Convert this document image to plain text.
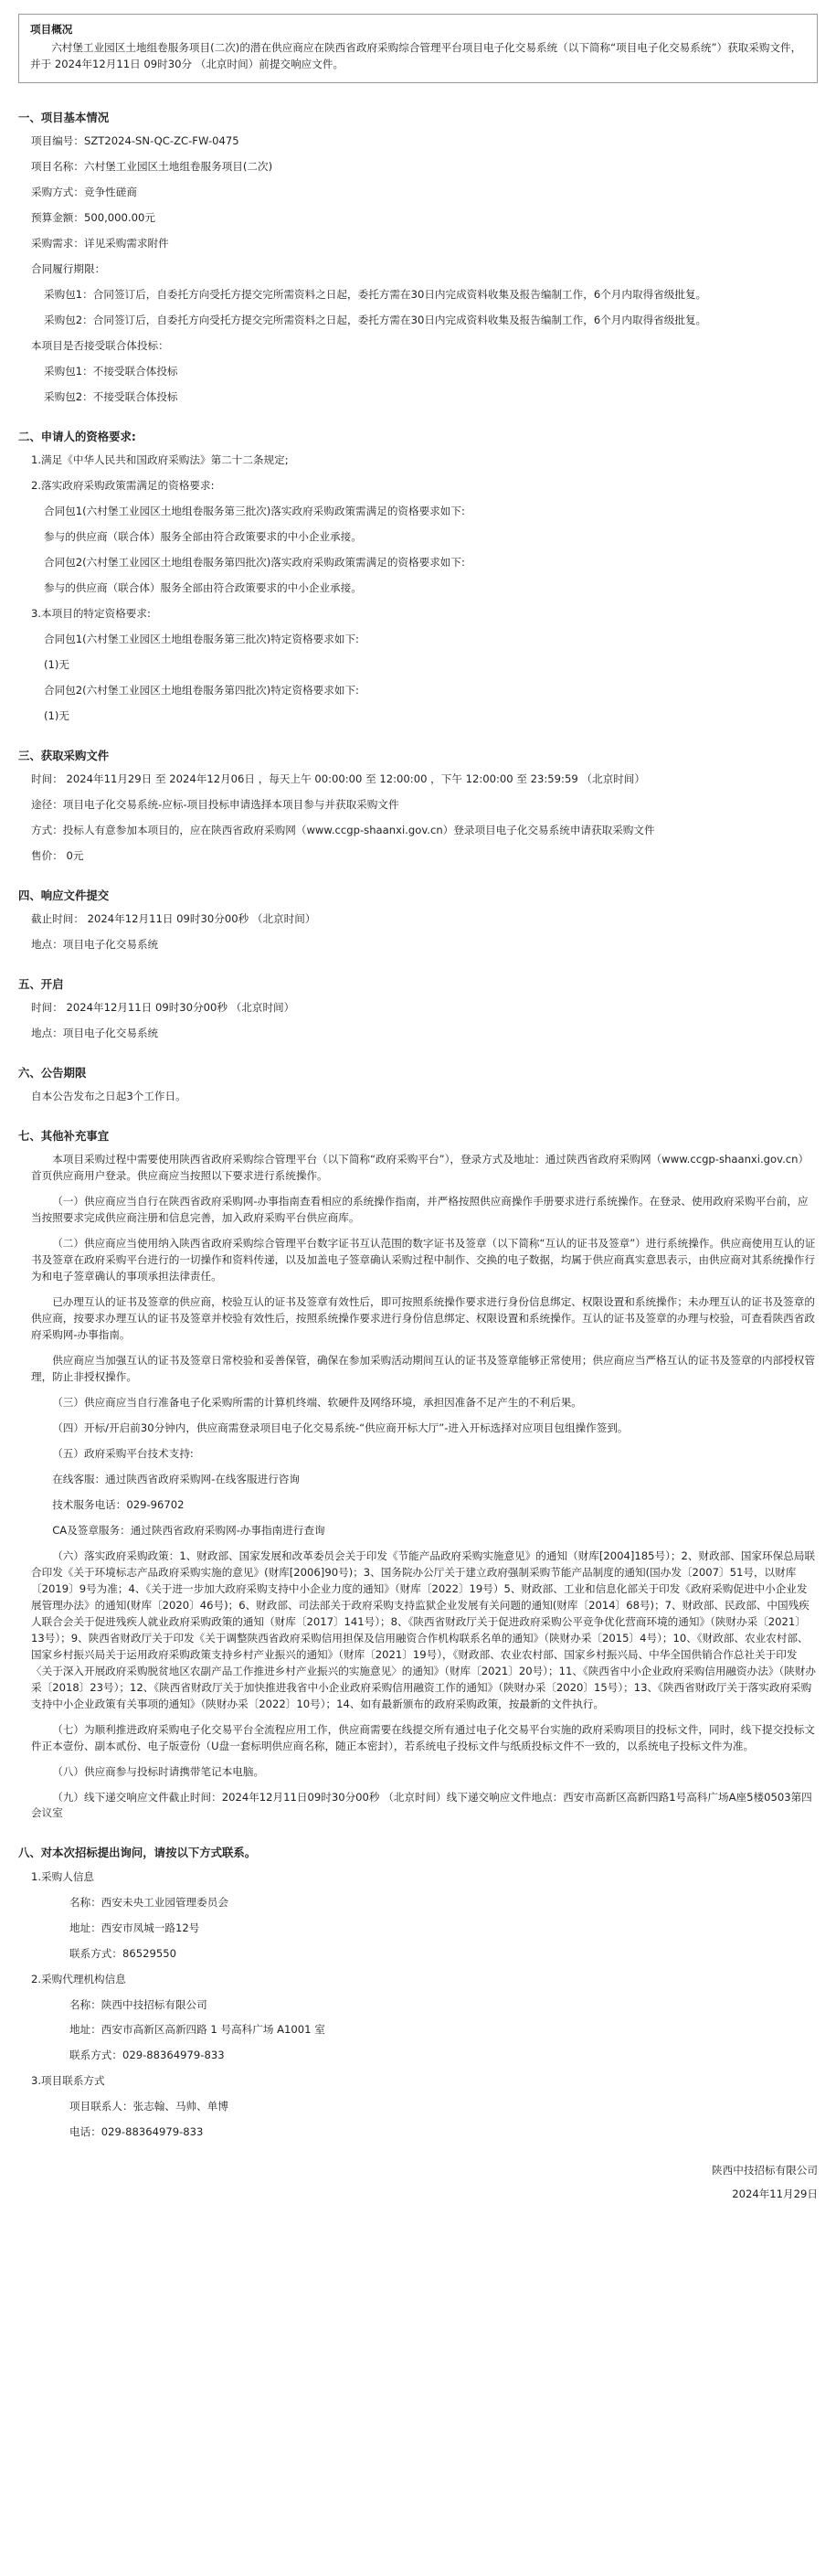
项目概况
六村堡工业园区土地组卷服务项目(二次)的潜在供应商应在陕西省政府采购综合管理平台项目电子化交易系统（以下简称“项目电子化交易系统”）获取采购文件，并于 2024年12月11日 09时30分 （北京时间）前提交响应文件。
一、项目基本情况
项目编号：SZT2024-SN-QC-ZC-FW-0475
项目名称：六村堡工业园区土地组卷服务项目(二次)
采购方式：竞争性磋商
预算金额：500,000.00元
采购需求：详见采购需求附件
合同履行期限：
采购包1：合同签订后，自委托方向受托方提交完所需资料之日起，委托方需在30日内完成资料收集及报告编制工作，6个月内取得省级批复。
采购包2：合同签订后，自委托方向受托方提交完所需资料之日起，委托方需在30日内完成资料收集及报告编制工作，6个月内取得省级批复。
本项目是否接受联合体投标：
采购包1：不接受联合体投标
采购包2：不接受联合体投标
二、申请人的资格要求:
1.满足《中华人民共和国政府采购法》第二十二条规定;
2.落实政府采购政策需满足的资格要求:
合同包1(六村堡工业园区土地组卷服务第三批次)落实政府采购政策需满足的资格要求如下:
参与的供应商（联合体）服务全部由符合政策要求的中小企业承接。
合同包2(六村堡工业园区土地组卷服务第四批次)落实政府采购政策需满足的资格要求如下:
参与的供应商（联合体）服务全部由符合政策要求的中小企业承接。
3.本项目的特定资格要求:
合同包1(六村堡工业园区土地组卷服务第三批次)特定资格要求如下:
(1)无
合同包2(六村堡工业园区土地组卷服务第四批次)特定资格要求如下:
(1)无
三、获取采购文件
时间： 2024年11月29日 至 2024年12月06日 ，每天上午 00:00:00 至 12:00:00 ，下午 12:00:00 至 23:59:59 （北京时间）
途径：项目电子化交易系统-应标-项目投标申请选择本项目参与并获取采购文件
方式：投标人有意参加本项目的，应在陕西省政府采购网（www.ccgp-shaanxi.gov.cn）登录项目电子化交易系统申请获取采购文件
售价： 0元
四、响应文件提交
截止时间： 2024年12月11日 09时30分00秒 （北京时间）
地点：项目电子化交易系统
五、开启
时间： 2024年12月11日 09时30分00秒 （北京时间）
地点：项目电子化交易系统
六、公告期限
自本公告发布之日起3个工作日。
七、其他补充事宜
本项目采购过程中需要使用陕西省政府采购综合管理平台（以下简称“政府采购平台”），登录方式及地址：通过陕西省政府采购网（www.ccgp-shaanxi.gov.cn）首页供应商用户登录。供应商应当按照以下要求进行系统操作。
（一）供应商应当自行在陕西省政府采购网-办事指南查看相应的系统操作指南，并严格按照供应商操作手册要求进行系统操作。在登录、使用政府采购平台前，应当按照要求完成供应商注册和信息完善，加入政府采购平台供应商库。
（二）供应商应当使用纳入陕西省政府采购综合管理平台数字证书互认范围的数字证书及签章（以下简称“互认的证书及签章”）进行系统操作。供应商使用互认的证书及签章在政府采购平台进行的一切操作和资料传递，以及加盖电子签章确认采购过程中制作、交换的电子数据，均属于供应商真实意思表示，由供应商对其系统操作行为和电子签章确认的事项承担法律责任。
已办理互认的证书及签章的供应商，校验互认的证书及签章有效性后，即可按照系统操作要求进行身份信息绑定、权限设置和系统操作；未办理互认的证书及签章的供应商，按要求办理互认的证书及签章并校验有效性后，按照系统操作要求进行身份信息绑定、权限设置和系统操作。互认的证书及签章的办理与校验，可查看陕西省政府采购网-办事指南。
供应商应当加强互认的证书及签章日常校验和妥善保管，确保在参加采购活动期间互认的证书及签章能够正常使用；供应商应当严格互认的证书及签章的内部授权管理，防止非授权操作。
（三）供应商应当自行准备电子化采购所需的计算机终端、软硬件及网络环境，承担因准备不足产生的不利后果。
（四）开标/开启前30分钟内，供应商需登录项目电子化交易系统-“供应商开标大厅”-进入开标选择对应项目包组操作签到。
（五）政府采购平台技术支持:
在线客服：通过陕西省政府采购网-在线客服进行咨询
技术服务电话：029-96702
CA及签章服务：通过陕西省政府采购网-办事指南进行查询
（六）落实政府采购政策：1、财政部、国家发展和改革委员会关于印发《节能产品政府采购实施意见》的通知（财库[2004]185号）；2、财政部、国家环保总局联合印发《关于环境标志产品政府采购实施的意见》(财库[2006]90号)；3、国务院办公厅关于建立政府强制采购节能产品制度的通知(国办发〔2007〕51号，以财库〔2019〕9号为准；4、《关于进一步加大政府采购支持中小企业力度的通知》（财库〔2022〕19号）5、财政部、工业和信息化部关于印发《政府采购促进中小企业发展管理办法》的通知(财库〔2020〕46号)；6、财政部、司法部关于政府采购支持监狱企业发展有关问题的通知(财库〔2014〕68号)；7、财政部、民政部、中国残疾人联合会关于促进残疾人就业政府采购政策的通知（财库〔2017〕141号）；8、《陕西省财政厅关于促进政府采购公平竞争优化营商环境的通知》（陕财办采〔2021〕13号）；9、陕西省财政厅关于印发《关于调整陕西省政府采购信用担保及信用融资合作机构联系名单的通知》（陕财办采〔2015〕4号）；10、《财政部、农业农村部、国家乡村振兴局关于运用政府采购政策支持乡村产业振兴的通知》（财库〔2021〕19号），《财政部、农业农村部、国家乡村振兴局、中华全国供销合作总社关于印发〈关于深入开展政府采购脱贫地区农副产品工作推进乡村产业振兴的实施意见〉的通知》（财库〔2021〕20号）；11、《陕西省中小企业政府采购信用融资办法》（陕财办采〔2018〕23号）；12、《陕西省财政厅关于加快推进我省中小企业政府采购信用融资工作的通知》（陕财办采〔2020〕15号）；13、《陕西省财政厅关于落实政府采购支持中小企业政策有关事项的通知》（陕财办采〔2022〕10号）；14、如有最新颁布的政府采购政策，按最新的文件执行。
（七）为顺利推进政府采购电子化交易平台全流程应用工作，供应商需要在线提交所有通过电子化交易平台实施的政府采购项目的投标文件，同时，线下提交投标文件正本壹份、副本贰份、电子版壹份（U盘一套标明供应商名称，随正本密封），若系统电子投标文件与纸质投标文件不一致的，以系统电子投标文件为准。
（八）供应商参与投标时请携带笔记本电脑。
（九）线下递交响应文件截止时间：2024年12月11日09时30分00秒 （北京时间）线下递交响应文件地点：西安市高新区高新四路1号高科广场A座5楼0503第四会议室
八、对本次招标提出询问，请按以下方式联系。
1.采购人信息
名称：西安未央工业园管理委员会
地址：西安市凤城一路12号
联系方式：86529550
2.采购代理机构信息
名称：陕西中技招标有限公司
地址：西安市高新区高新四路 1 号高科广场 A1001 室
联系方式：029-88364979-833
3.项目联系方式
项目联系人：张志翰、马帅、单博
电话：029-88364979-833
陕西中技招标有限公司
2024年11月29日
